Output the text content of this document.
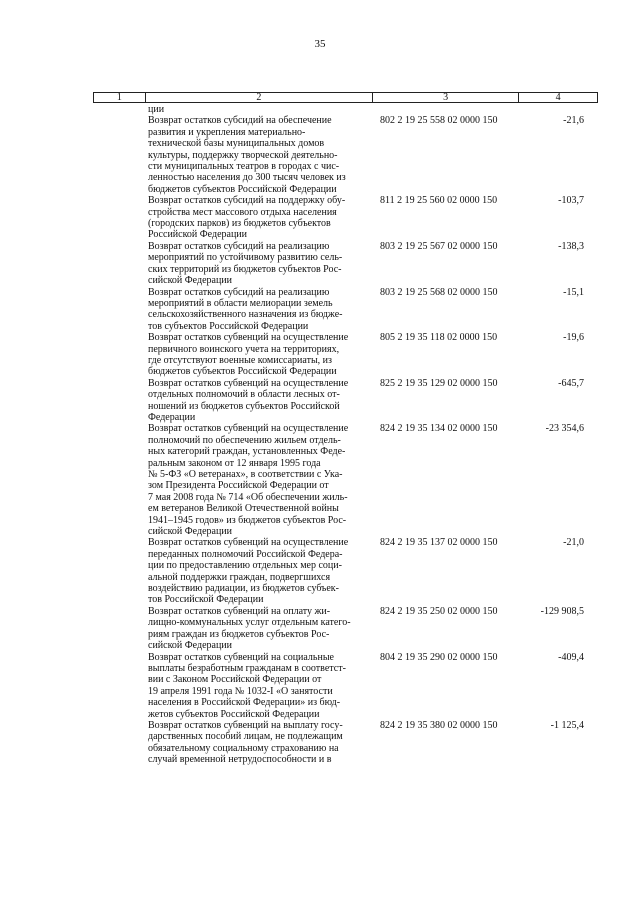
35
1	2	3	4
ции
Возврат остатков субсидий на обеспечение
развития и укрепления материально-
технической базы муниципальных домов
культуры, поддержку творческой деятельно-
сти муниципальных театров в городах с чис-
ленностью населения до 300 тысяч человек из
бюджетов субъектов Российской Федерации
802 2 19 25 558 02 0000 150	-21,6
Возврат остатков субсидий на поддержку обу-
стройства мест массового отдыха населения
(городских парков) из бюджетов субъектов
Российской Федерации
811 2 19 25 560 02 0000 150	-103,7
Возврат остатков субсидий на реализацию
мероприятий по устойчивому развитию сель-
ских территорий из бюджетов субъектов Рос-
сийской Федерации
803 2 19 25 567 02 0000 150	-138,3
Возврат остатков субсидий на реализацию
мероприятий в области мелиорации земель
сельскохозяйственного назначения из бюдже-
тов субъектов Российской Федерации
803 2 19 25 568 02 0000 150	-15,1
Возврат остатков субвенций на осуществление
первичного воинского учета на территориях,
где отсутствуют военные комиссариаты, из
бюджетов субъектов Российской Федерации
805 2 19 35 118 02 0000 150	-19,6
Возврат остатков субвенций на осуществление
отдельных полномочий в области лесных от-
ношений из бюджетов субъектов Российской
Федерации
825 2 19 35 129 02 0000 150	-645,7
Возврат остатков субвенций на осуществление
полномочий по обеспечению жильем отдель-
ных категорий граждан, установленных Феде-
ральным законом от 12 января 1995 года
№ 5-ФЗ «О ветеранах», в соответствии с Ука-
зом Президента Российской Федерации от
7 мая 2008 года № 714 «Об обеспечении жиль-
ем ветеранов Великой Отечественной войны
1941–1945 годов» из бюджетов субъектов Рос-
сийской Федерации
824 2 19 35 134 02 0000 150	-23 354,6
Возврат остатков субвенций на осуществление
переданных полномочий Российской Федера-
ции по предоставлению отдельных мер соци-
альной поддержки граждан, подвергшихся
воздействию радиации, из бюджетов субъек-
тов Российской Федерации
824 2 19 35 137 02 0000 150	-21,0
Возврат остатков субвенций на оплату жи-
лищно-коммунальных услуг отдельным катего-
риям граждан из бюджетов субъектов Рос-
сийской Федерации
824 2 19 35 250 02 0000 150	-129 908,5
Возврат остатков субвенций на социальные
выплаты безработным гражданам в соответст-
вии с Законом Российской Федерации от
19 апреля 1991 года № 1032-I «О занятости
населения в Российской Федерации» из бюд-
жетов субъектов Российской Федерации
804 2 19 35 290 02 0000 150	-409,4
Возврат остатков субвенций на выплату госу-
дарственных пособий лицам, не подлежащим
обязательному социальному страхованию на
случай временной нетрудоспособности и в
824 2 19 35 380 02 0000 150	-1 125,4
